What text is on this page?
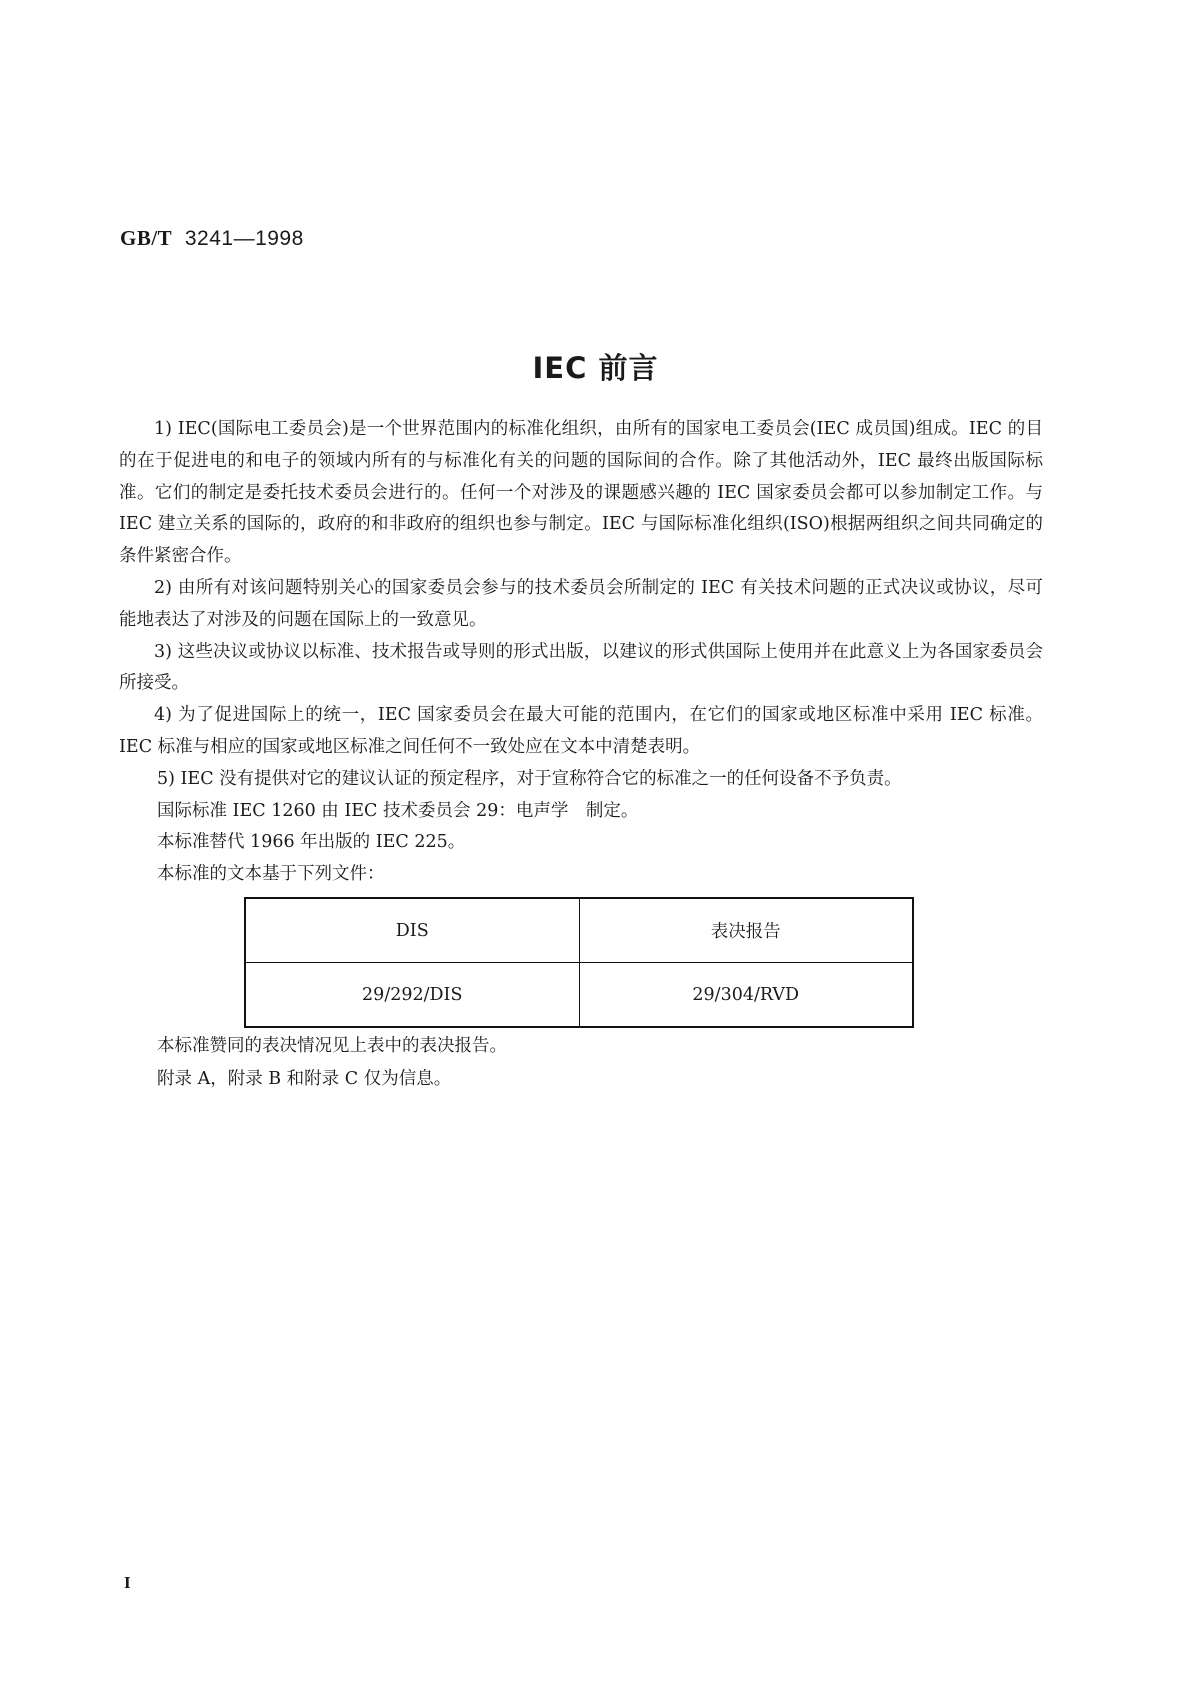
GB/T 3241—1998
IEC 前言

1) IEC(国际电工委员会)是一个世界范围内的标准化组织，由所有的国家电工委员会(IEC 成员国)组成。IEC 的目的在于促进电的和电子的领域内所有的与标准化有关的问题的国际间的合作。除了其他活动外，IEC 最终出版国际标准。它们的制定是委托技术委员会进行的。任何一个对涉及的课题感兴趣的 IEC 国家委员会都可以参加制定工作。与 IEC 建立关系的国际的，政府的和非政府的组织也参与制定。IEC 与国际标准化组织(ISO)根据两组织之间共同确定的条件紧密合作。

2) 由所有对该问题特别关心的国家委员会参与的技术委员会所制定的 IEC 有关技术问题的正式决议或协议，尽可能地表达了对涉及的问题在国际上的一致意见。

3) 这些决议或协议以标准、技术报告或导则的形式出版，以建议的形式供国际上使用并在此意义上为各国家委员会所接受。

4) 为了促进国际上的统一，IEC 国家委员会在最大可能的范围内，在它们的国家或地区标准中采用 IEC 标准。IEC 标准与相应的国家或地区标准之间任何不一致处应在文本中清楚表明。

5) IEC 没有提供对它的建议认证的预定程序，对于宣称符合它的标准之一的任何设备不予负责。

国际标准 IEC 1260 由 IEC 技术委员会 29：电声学　制定。

本标准替代 1966 年出版的 IEC 225。

本标准的文本基于下列文件：

DIS	表决报告
29/292/DIS	29/304/RVD
本标准赞同的表决情况见上表中的表决报告。
附录 A，附录 B 和附录 C 仅为信息。
I
